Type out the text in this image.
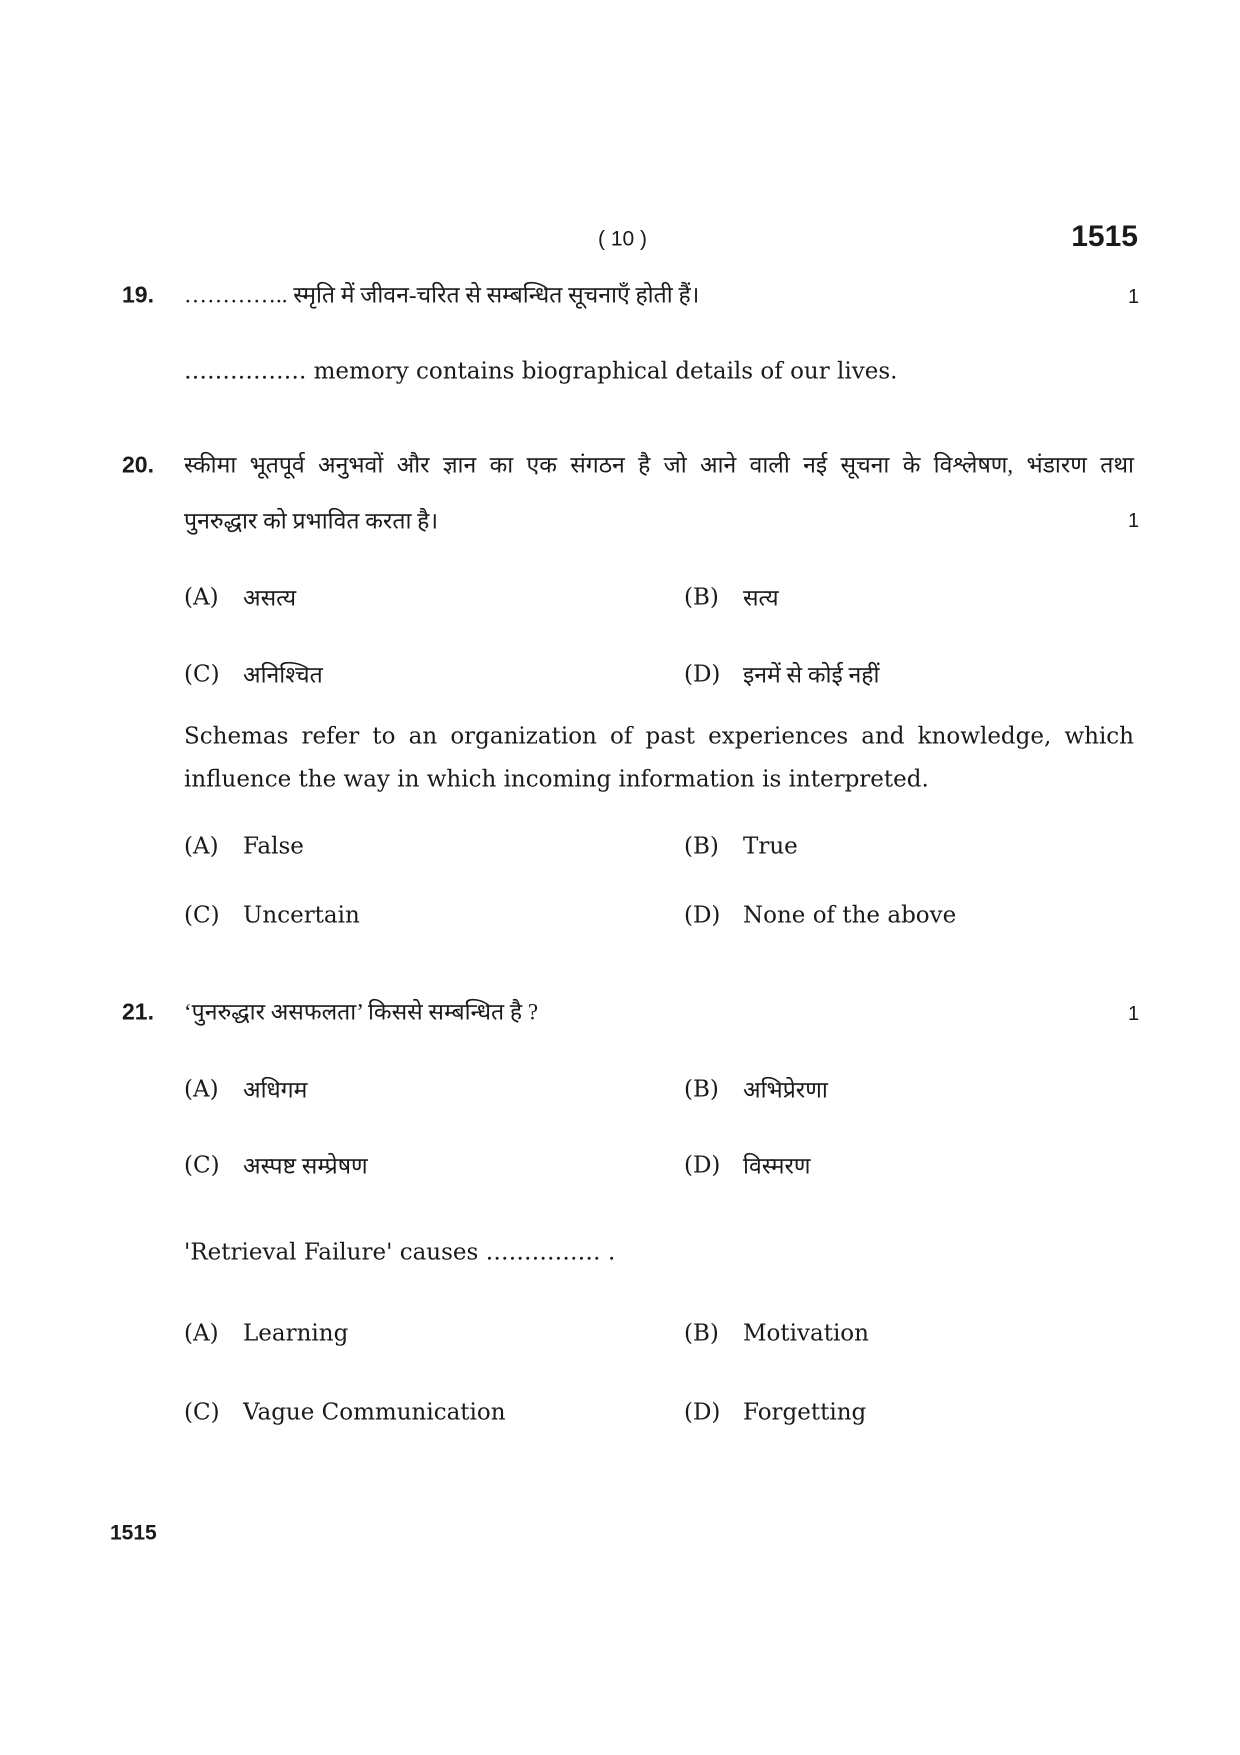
( 10 )	1515
19. ………….. स्मृति में जीवन-चरित से सम्बन्धित सूचनाएँ होती हैं।	1
……………. memory contains biographical details of our lives.
20. स्कीमा भूतपूर्व अनुभवों और ज्ञान का एक संगठन है जो आने वाली नई सूचना के विश्लेषण, भंडारण तथा
पुनरुद्धार को प्रभावित करता है।	1
(A) असत्य	(B) सत्य
(C) अनिश्चित	(D) इनमें से कोई नहीं
Schemas refer to an organization of past experiences and knowledge, which
influence the way in which incoming information is interpreted.
(A) False	(B) True
(C) Uncertain	(D) None of the above
21. ‘पुनरुद्धार असफलता’ किससे सम्बन्धित है ?	1
(A) अधिगम	(B) अभिप्रेरणा
(C) अस्पष्ट सम्प्रेषण	(D) विस्मरण
'Retrieval Failure' causes …………… .
(A) Learning	(B) Motivation
(C) Vague Communication	(D) Forgetting
1515
